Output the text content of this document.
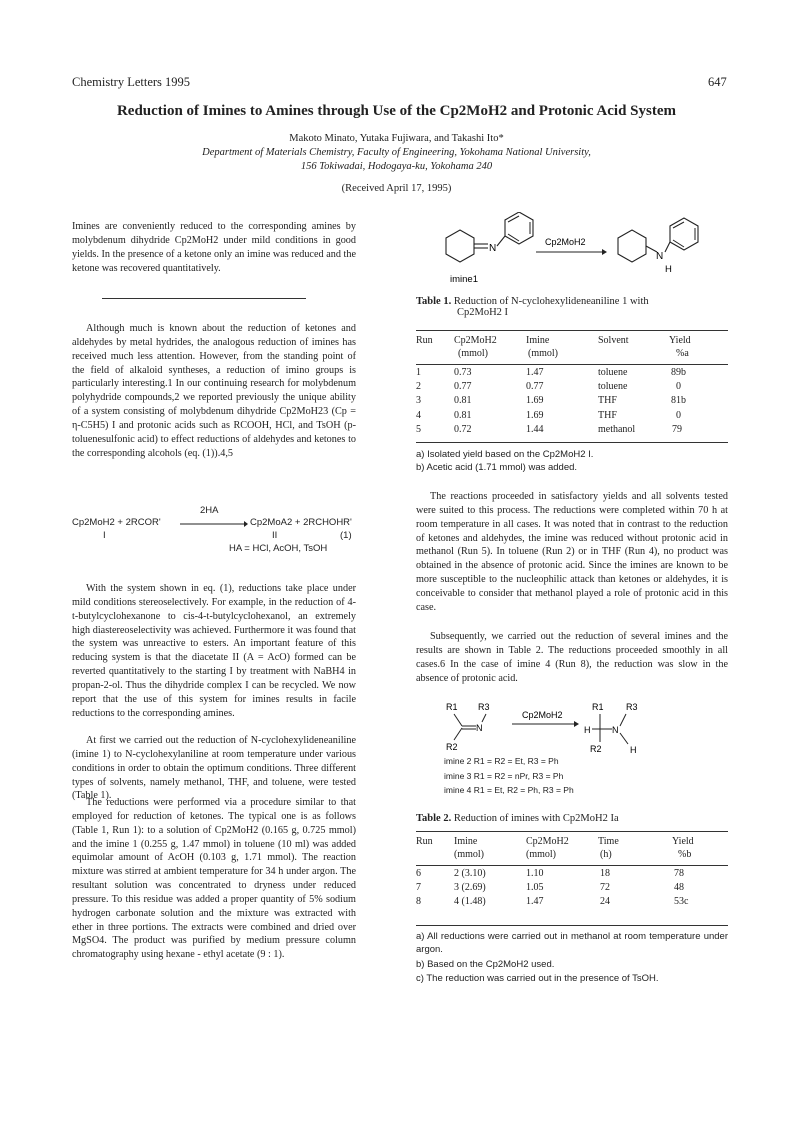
Chemistry Letters 1995	647
Reduction of Imines to Amines through Use of the Cp2MoH2 and Protonic Acid System
Makoto Minato, Yutaka Fujiwara, and Takashi Ito*
Department of Materials Chemistry, Faculty of Engineering, Yokohama National University,
156 Tokiwadai, Hodogaya-ku, Yokohama 240
(Received April 17, 1995)
Imines are conveniently reduced to the corresponding amines by molybdenum dihydride Cp2MoH2 under mild conditions in good yields. In the presence of a ketone only an imine was reduced and the ketone was recovered quantitatively.
Although much is known about the reduction of ketones and aldehydes by metal hydrides, the analogous reduction of imines has received much less attention. However, from the standing point of the field of alkaloid syntheses, a reduction of imino groups is particularly interesting.1 In our continuing research for molybdenum polyhydride compounds,2 we reported previously the unique ability of a system consisting of molybdenum dihydride Cp2MoH23 (Cp = η-C5H5) I and protonic acids such as RCOOH, HCl, and TsOH (p-toluenesulfonic acid) to effect reductions of aldehydes and ketones to the corresponding alcohols (eq. (1)).4,5
2HA
Cp2MoH2 + 2RCOR'	Cp2MoA2 + 2RCHOHR'
I	II	(1)
HA = HCl, AcOH, TsOH
With the system shown in eq. (1), reductions take place under mild conditions stereoselectively. For example, in the reduction of 4-t-butylcyclohexanone to cis-4-t-butylcyclohexanol, an extremely high diastereoselectivity was achieved. Furthermore it was found that the system was unreactive to esters. An important feature of this reducing system is that the diacetate II (A = AcO) formed can be reverted quantitatively to the starting I by treatment with NaBH4 in propan-2-ol. Thus the dihydride complex I can be recycled. We now report that the use of this system for imines results in facile reductions to the corresponding amines.
At first we carried out the reduction of N-cyclohexylideneaniline (imine 1) to N-cyclohexylaniline at room temperature under various conditions in order to obtain the optimum conditions. Three different types of solvents, namely methanol, THF, and toluene, were tested (Table 1).
The reductions were performed via a procedure similar to that employed for reduction of ketones. The typical one is as follows (Table 1, Run 1): to a solution of Cp2MoH2 (0.165 g, 0.725 mmol) and the imine 1 (0.255 g, 1.47 mmol) in toluene (10 ml) was added equimolar amount of AcOH (0.103 g, 1.71 mmol). The reaction mixture was stirred at ambient temperature for 34 h under argon. The resultant solution was concentrated to dryness under reduced pressure. To this residue was added a proper quantity of 5% sodium hydrogen carbonate solution and the mixture was extracted with ether in three portions. The extracts were combined and dried over MgSO4. The product was purified by medium pressure column chromatography using hexane - ethyl acetate (9 : 1).
N
imine1
Cp2MoH2
N
H
Table 1. Reduction of N-cyclohexylideneaniline 1 with
Cp2MoH2 I
Run Cp2MoH2	Imine	Solvent	Yield
(mmol)	(mmol)	%a
1	0.73	1.47	toluene	89b
2	0.77	0.77	toluene	0
3	0.81	1.69	THF	81b
4	0.81	1.69	THF	0
5	0.72	1.44	methanol	79
a) Isolated yield based on the Cp2MoH2 I.
b) Acetic acid (1.71 mmol) was added.
The reactions proceeded in satisfactory yields and all solvents tested were suited to this process. The reductions were completed within 70 h at room temperature in all cases. It was noted that in contrast to the reduction of ketones and aldehydes, the imine was reduced without protonic acid in methanol (Run 5). In toluene (Run 2) or in THF (Run 4), no product was obtained in the absence of protonic acid. Since the imines are known to be more susceptible to the nucleophilic attack than ketones or aldehydes, it is conceivable to consider that methanol played a role of protonic acid in this case.
Subsequently, we carried out the reduction of several imines and the results are shown in Table 2. The reductions proceeded smoothly in all cases.6 In the case of imine 4 (Run 8), the reduction was slow in the absence of protonic acid.
R1 R3
N
R2
Cp2MoH2
R1 R3
H N
R2	H
imine 2 R1 = R2 = Et, R3 = Ph
imine 3 R1 = R2 = nPr, R3 = Ph
imine 4 R1 = Et, R2 = Ph, R3 = Ph
Table 2. Reduction of imines with Cp2MoH2 Ia
Run Imine	Cp2MoH2	Time	Yield
(mmol)	(mmol)	(h)	%b
6	2 (3.10)	1.10	18	78
7	3 (2.69)	1.05	72	48
8	4 (1.48)	1.47	24	53c
a) All reductions were carried out in methanol at room temperature under argon.
b) Based on the Cp2MoH2 used.
c) The reduction was carried out in the presence of TsOH.
